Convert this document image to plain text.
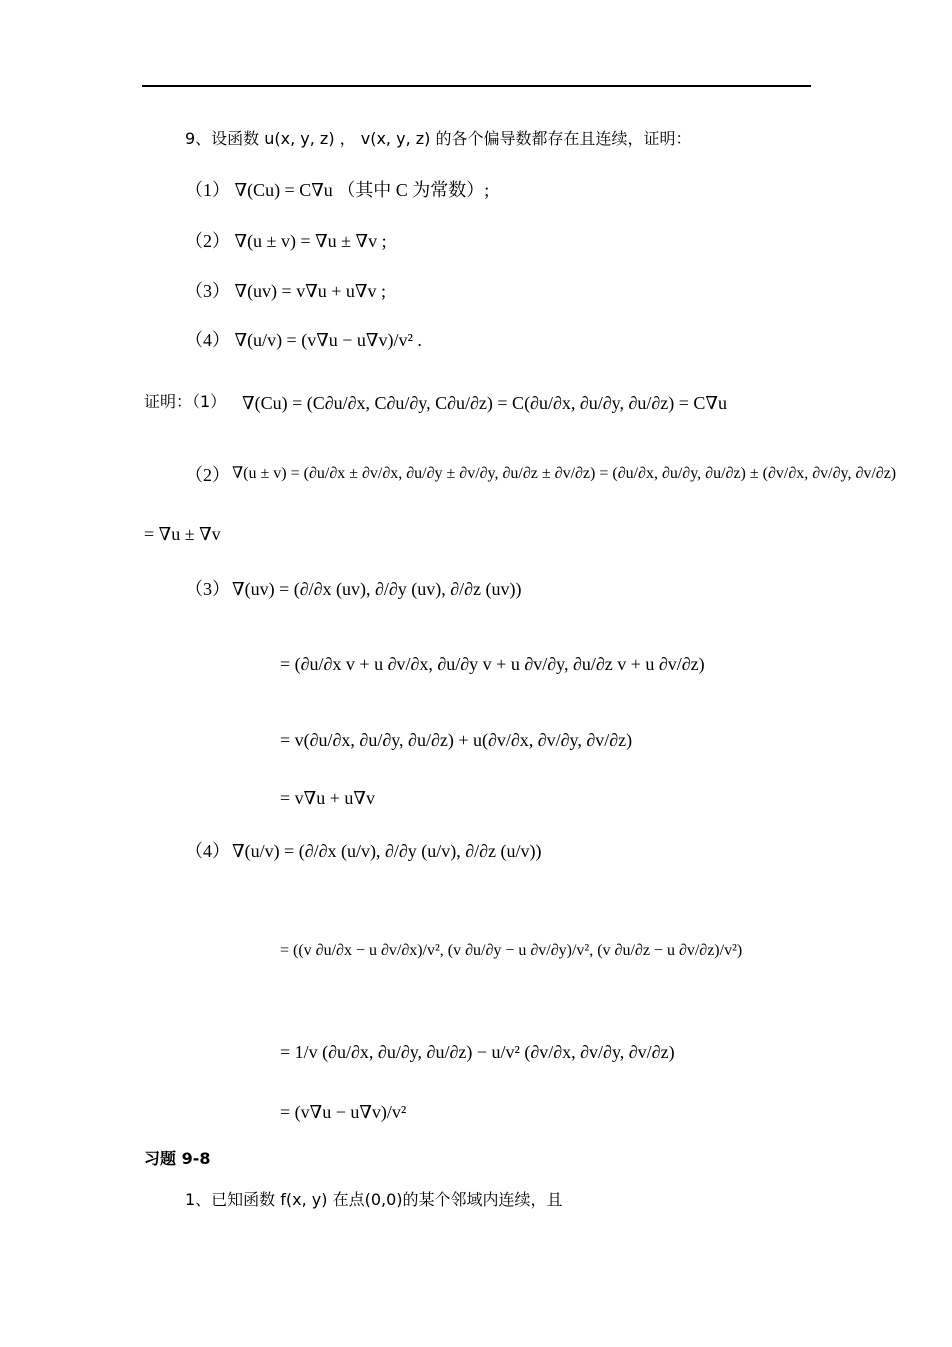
9、设函数 u(x, y, z) ， v(x, y, z) 的各个偏导数都存在且连续，证明：
（1） ∇(Cu) = C∇u （其中 C 为常数）;
（2） ∇(u ± v) = ∇u ± ∇v ;
（3） ∇(uv) = v∇u + u∇v ;
（4） ∇(u/v) = (v∇u − u∇v)/v² .
证明：（1） ∇(Cu) = (C∂u/∂x, C∂u/∂y, C∂u/∂z) = C(∂u/∂x, ∂u/∂y, ∂u/∂z) = C∇u
（2） ∇(u ± v) = (∂u/∂x ± ∂v/∂x, ∂u/∂y ± ∂v/∂y, ∂u/∂z ± ∂v/∂z) = (∂u/∂x, ∂u/∂y, ∂u/∂z) ± (∂v/∂x, ∂v/∂y, ∂v/∂z)
= ∇u ± ∇v
（3） ∇(uv) = (∂/∂x (uv), ∂/∂y (uv), ∂/∂z (uv))
= (∂u/∂x v + u ∂v/∂x, ∂u/∂y v + u ∂v/∂y, ∂u/∂z v + u ∂v/∂z)
= v(∂u/∂x, ∂u/∂y, ∂u/∂z) + u(∂v/∂x, ∂v/∂y, ∂v/∂z)
= v∇u + u∇v
（4） ∇(u/v) = (∂/∂x (u/v), ∂/∂y (u/v), ∂/∂z (u/v))
= ((v ∂u/∂x − u ∂v/∂x)/v², (v ∂u/∂y − u ∂v/∂y)/v², (v ∂u/∂z − u ∂v/∂z)/v²)
= 1/v (∂u/∂x, ∂u/∂y, ∂u/∂z) − u/v² (∂v/∂x, ∂v/∂y, ∂v/∂z)
= (v∇u − u∇v)/v²
习题 9-8
1、已知函数 f(x, y) 在点(0,0)的某个邻域内连续，且
